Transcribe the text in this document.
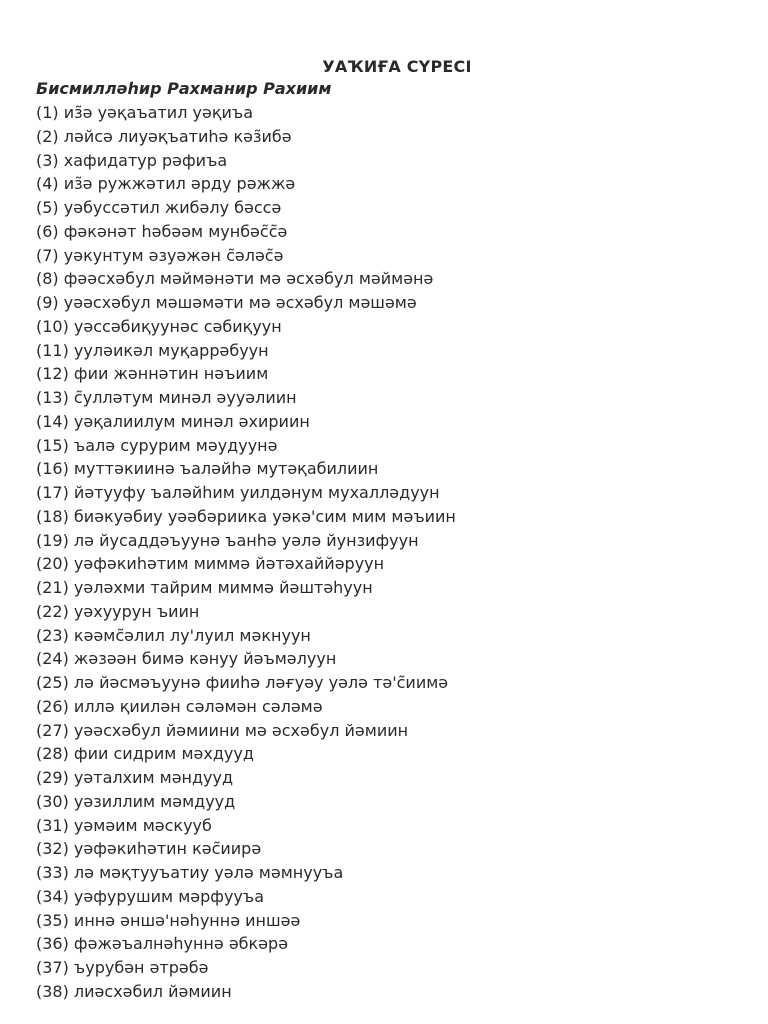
УАҠИҒА СҮРЕСІ
Бисмилләһир Рахманир Рахиим
(1) из̃ә уәқаъатил уәқиъа
(2) ләйсә лиуәқъатиһә кәз̃ибә
(3) хафидатур рәфиъа
(4) из̃ә ружжәтил әрду рәжжә
(5) уәбуссәтил жибәлу бәссә
(6) фәкәнәт һәбәәм мунбәс̃с̃ә
(7) уәкунтум әзуәжән с̃әләс̃ә
(8) фәәсхәбул мәймәнәти мә әсхәбул мәймәнә
(9) уәәсхәбул мәшәмәти мә әсхәбул мәшәмә
(10) уәссәбиқуунәс сәбиқуун
(11) ууләикәл муқаррәбуун
(12) фии жәннәтин нәъиим
(13) с̃улләтум минәл әууәлиин
(14) уәқалиилум минәл әхириин
(15) ъалә сурурим мәудуунә
(16) муттәкиинә ъаләйһә мутәқабилиин
(17) йәтууфу ъаләйһим уилдәнум мухалләдуун
(18) биәкуәбиу уәәбәриика уәкә'сим мим мәъиин
(19) лә йусаддәъуунә ъанһә уәлә йунзифуун
(20) уәфәкиһәтим миммә йәтәхаййәруун
(21) уәләхми тайрим миммә йәштәһуун
(22) уәхуурун ъиин
(23) кәәмс̃әлил лу'луил мәкнуун
(24) жәзәән бимә кәнуу йәъмәлуун
(25) лә йәсмәъуунә фииһә ләғуәу уәлә тә'с̃иимә
(26) иллә қиилән сәләмән сәләмә
(27) уәәсхәбул йәмиини мә әсхәбул йәмиин
(28) фии сидрим мәхдууд
(29) уәталхим мәндууд
(30) уәзиллим мәмдууд
(31) уәмәим мәскууб
(32) уәфәкиһәтин кәс̃иирә
(33) лә мәқтууъатиу уәлә мәмнууъа
(34) уәфурушим мәрфууъа
(35) иннә әншә'нәһуннә иншәә
(36) фәжәъалнәһуннә әбкәрә
(37) ъурубән әтрәбә
(38) лиәсхәбил йәмиин
